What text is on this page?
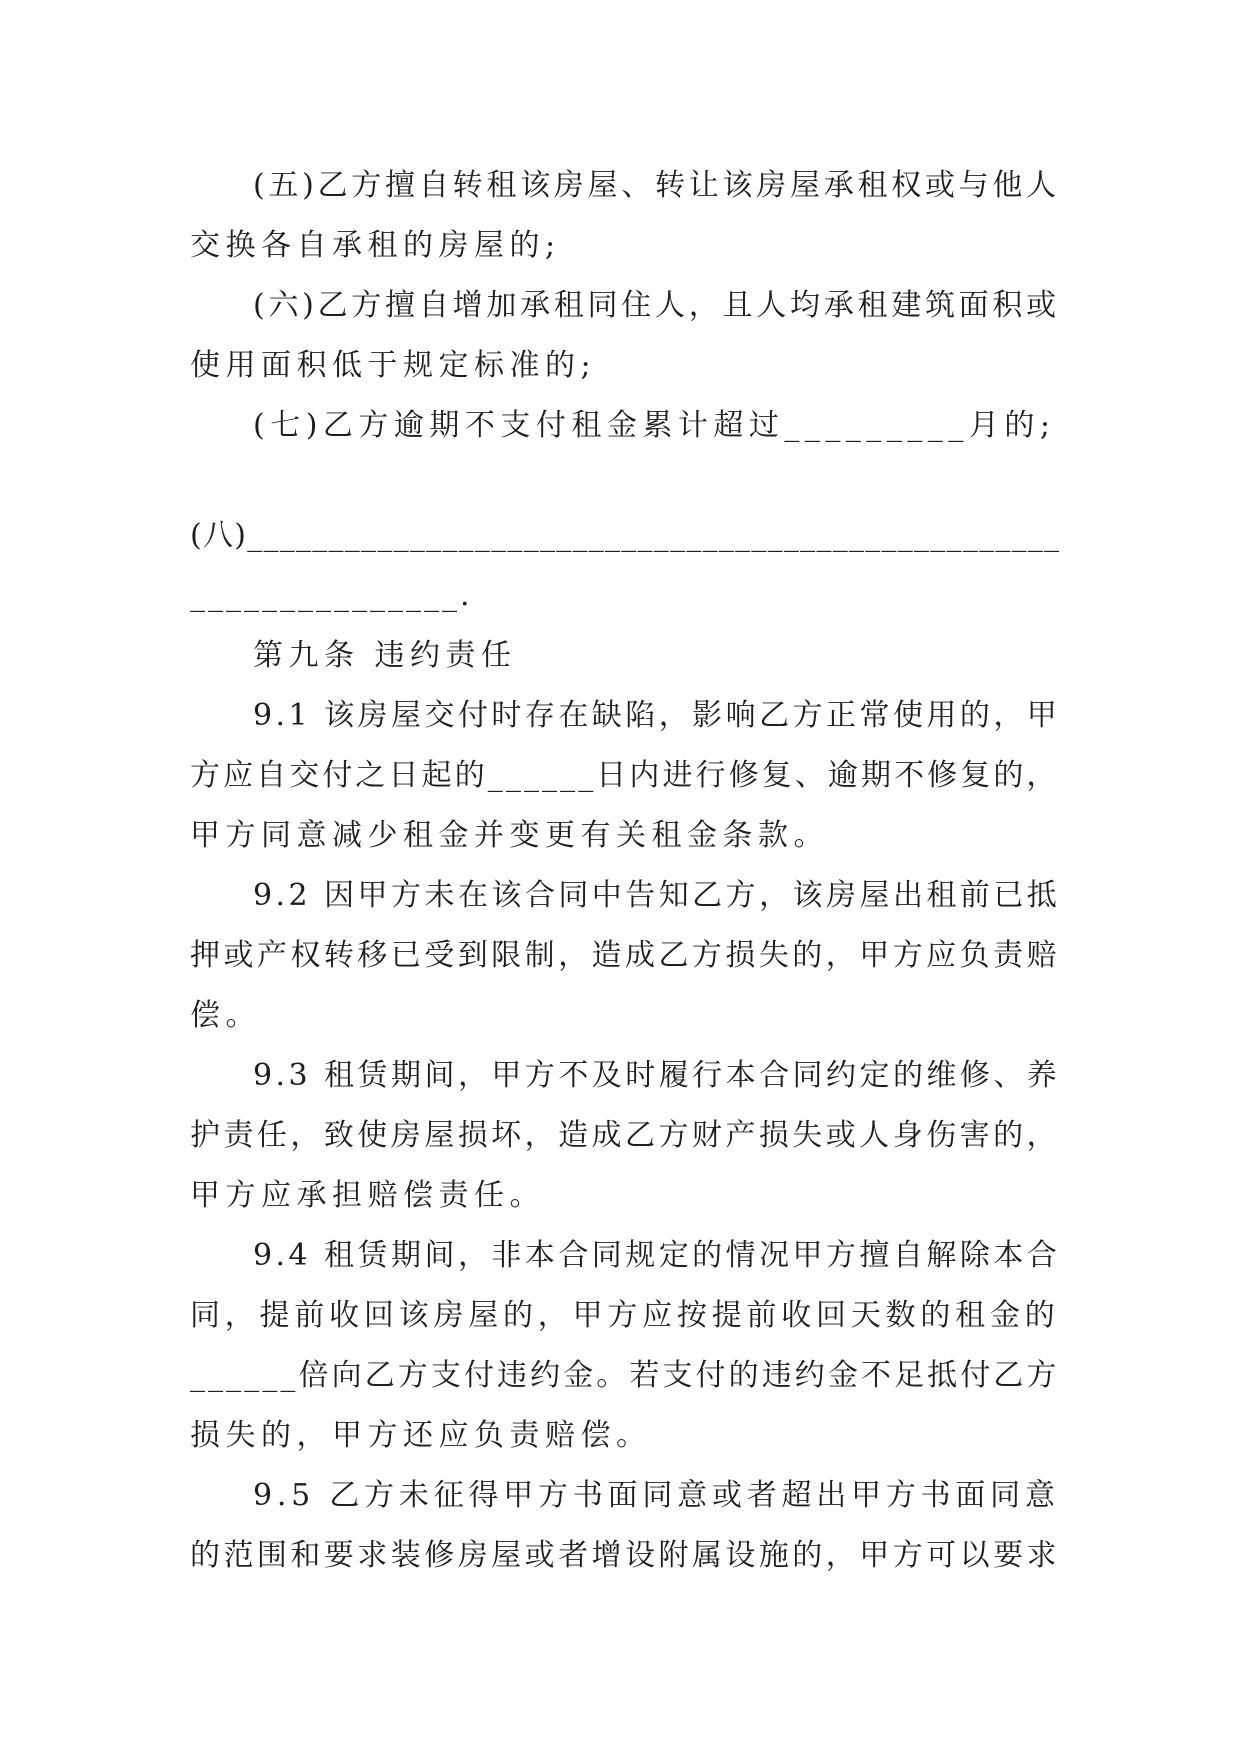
(五)乙方擅自转租该房屋、转让该房屋承租权或与他人
交换各自承租的房屋的;
(六)乙方擅自增加承租同住人，且人均承租建筑面积或
使用面积低于规定标准的;
(七)乙方逾期不支付租金累计超过_________月的;
(八)__________________________________________________
_______________.
第九条 违约责任
9.1 该房屋交付时存在缺陷，影响乙方正常使用的，甲
方应自交付之日起的______日内进行修复、逾期不修复的，
甲方同意减少租金并变更有关租金条款。
9.2 因甲方未在该合同中告知乙方，该房屋出租前已抵
押或产权转移已受到限制，造成乙方损失的，甲方应负责赔
偿。
9.3 租赁期间，甲方不及时履行本合同约定的维修、养
护责任，致使房屋损坏，造成乙方财产损失或人身伤害的，
甲方应承担赔偿责任。
9.4 租赁期间，非本合同规定的情况甲方擅自解除本合
同，提前收回该房屋的，甲方应按提前收回天数的租金的
______倍向乙方支付违约金。若支付的违约金不足抵付乙方
损失的，甲方还应负责赔偿。
9.5 乙方未征得甲方书面同意或者超出甲方书面同意
的范围和要求装修房屋或者增设附属设施的，甲方可以要求
